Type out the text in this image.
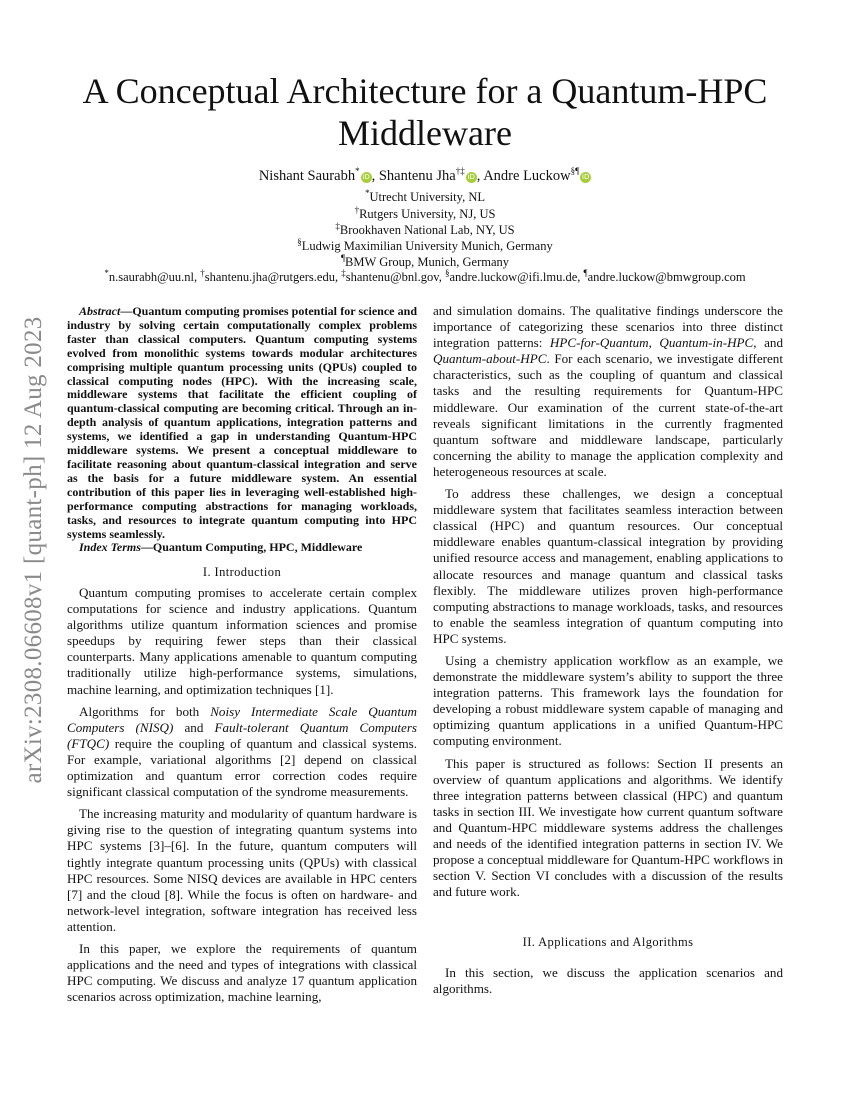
arXiv:2308.06608v1 [quant-ph] 12 Aug 2023
A Conceptual Architecture for a Quantum-HPC
Middleware
Nishant Saurabh*iD , Shantenu Jha†‡iD , Andre Luckow§¶iD
*Utrecht University, NL
†Rutgers University, NJ, US
‡Brookhaven National Lab, NY, US
§Ludwig Maximilian University Munich, Germany
¶BMW Group, Munich, Germany
*n.saurabh@uu.nl, †shantenu.jha@rutgers.edu, ‡shantenu@bnl.gov, §andre.luckow@ifi.lmu.de, ¶andre.luckow@bmwgroup.com

Abstract—Quantum computing promises potential for science and industry by solving certain computationally complex problems faster than classical computers. Quantum computing systems evolved from monolithic systems towards modular architectures comprising multiple quantum processing units (QPUs) coupled to classical computing nodes (HPC). With the increasing scale, middleware systems that facilitate the efficient coupling of quantum-classical computing are becoming critical. Through an in-depth analysis of quantum applications, integration patterns and systems, we identified a gap in understanding Quantum-HPC middleware systems. We present a conceptual middleware to facilitate reasoning about quantum-classical integration and serve as the basis for a future middleware system. An essential contribution of this paper lies in leveraging well-established high-performance computing abstractions for managing workloads, tasks, and resources to integrate quantum computing into HPC systems seamlessly.

Index Terms—Quantum Computing, HPC, Middleware

I. Introduction

Quantum computing promises to accelerate certain complex computations for science and industry applications. Quantum algorithms utilize quantum information sciences and promise speedups by requiring fewer steps than their classical counterparts. Many applications amenable to quantum computing traditionally utilize high-performance systems, simulations, machine learning, and optimization techniques [1].

Algorithms for both Noisy Intermediate Scale Quantum Computers (NISQ) and Fault-tolerant Quantum Computers (FTQC) require the coupling of quantum and classical systems. For example, variational algorithms [2] depend on classical optimization and quantum error correction codes require significant classical computation of the syndrome measurements.

The increasing maturity and modularity of quantum hardware is giving rise to the question of integrating quantum systems into HPC systems [3]–[6]. In the future, quantum computers will tightly integrate quantum processing units (QPUs) with classical HPC resources. Some NISQ devices are available in HPC centers [7] and the cloud [8]. While the focus is often on hardware- and network-level integration, software integration has received less attention.

In this paper, we explore the requirements of quantum applications and the need and types of integrations with classical HPC computing. We discuss and analyze 17 quantum application scenarios across optimization, machine learning,

and simulation domains. The qualitative findings underscore the importance of categorizing these scenarios into three distinct integration patterns: HPC-for-Quantum, Quantum-in-HPC, and Quantum-about-HPC. For each scenario, we investigate different characteristics, such as the coupling of quantum and classical tasks and the resulting requirements for Quantum-HPC middleware. Our examination of the current state-of-the-art reveals significant limitations in the currently fragmented quantum software and middleware landscape, particularly concerning the ability to manage the application complexity and heterogeneous resources at scale.

To address these challenges, we design a conceptual middleware system that facilitates seamless interaction between classical (HPC) and quantum resources. Our conceptual middleware enables quantum-classical integration by providing unified resource access and management, enabling applications to allocate resources and manage quantum and classical tasks flexibly. The middleware utilizes proven high-performance computing abstractions to manage workloads, tasks, and resources to enable the seamless integration of quantum computing into HPC systems.

Using a chemistry application workflow as an example, we demonstrate the middleware system’s ability to support the three integration patterns. This framework lays the foundation for developing a robust middleware system capable of managing and optimizing quantum applications in a unified Quantum-HPC computing environment.

This paper is structured as follows: Section II presents an overview of quantum applications and algorithms. We identify three integration patterns between classical (HPC) and quantum tasks in section III. We investigate how current quantum software and Quantum-HPC middleware systems address the challenges and needs of the identified integration patterns in section IV. We propose a conceptual middleware for Quantum-HPC workflows in section V. Section VI concludes with a discussion of the results and future work.

II. Applications and Algorithms

In this section, we discuss the application scenarios and algorithms.
